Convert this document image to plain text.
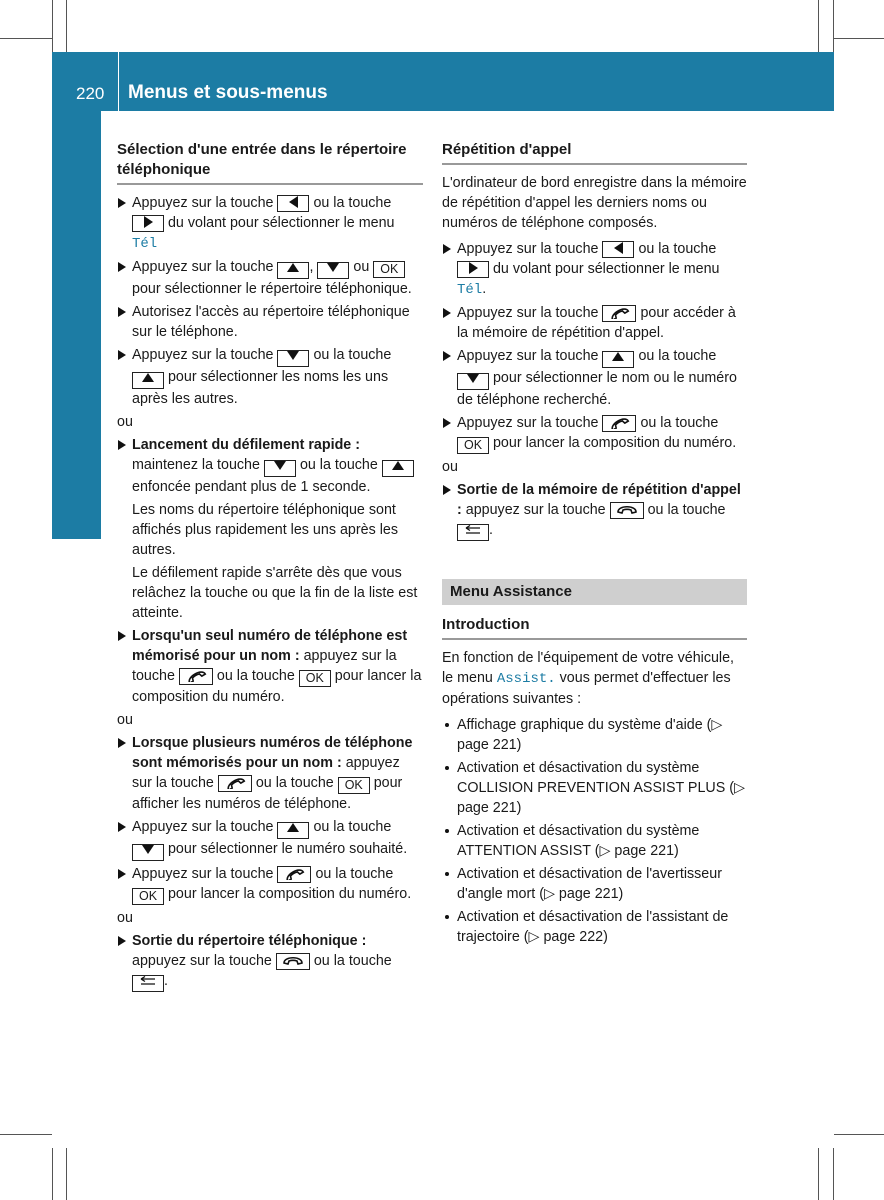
220 Menus et sous-menus
Ordinateur de bord et affichages
Sélection d'une entrée dans le répertoire téléphonique
Appuyez sur la touche	ou la touche  du volant pour sélectionner le menu Tél
Appuyez sur la touche	,	ou OK pour sélectionner le répertoire téléphonique.
Autorisez l'accès au répertoire téléphonique sur le téléphone.
Appuyez sur la touche	ou la touche  pour sélectionner les noms les uns après les autres.
ou
Lancement du défilement rapide : maintenez la touche	ou la touche  enfoncée pendant plus de 1 seconde.
Les noms du répertoire téléphonique sont affichés plus rapidement les uns après les autres.
Le défilement rapide s'arrête dès que vous relâchez la touche ou que la fin de la liste est atteinte.
Lorsqu'un seul numéro de téléphone est mémorisé pour un nom : appuyez sur la touche	ou la touche OK pour lancer la composition du numéro.
ou
Lorsque plusieurs numéros de téléphone sont mémorisés pour un nom : appuyez sur la touche	ou la touche OK pour afficher les numéros de téléphone.
Appuyez sur la touche	ou la touche  pour sélectionner le numéro souhaité.
Appuyez sur la touche	ou la touche OK pour lancer la composition du numéro.
ou
Sortie du répertoire téléphonique : appuyez sur la touche	ou la touche .
Répétition d'appel
L'ordinateur de bord enregistre dans la mémoire de répétition d'appel les derniers noms ou numéros de téléphone composés.
Appuyez sur la touche	ou la touche  du volant pour sélectionner le menu Tél.
Appuyez sur la touche	pour accéder à la mémoire de répétition d'appel.
Appuyez sur la touche	ou la touche  pour sélectionner le nom ou le numéro de téléphone recherché.
Appuyez sur la touche	ou la touche OK pour lancer la composition du numéro.
ou
Sortie de la mémoire de répétition d'appel : appuyez sur la touche	ou la touche .
Menu Assistance
Introduction
En fonction de l'équipement de votre véhicule, le menu Assist. vous permet d'effectuer les opérations suivantes :
Affichage graphique du système d'aide (▷ page 221)
Activation et désactivation du système COLLISION PREVENTION ASSIST PLUS (▷ page 221)
Activation et désactivation du système ATTENTION ASSIST (▷ page 221)
Activation et désactivation de l'avertisseur d'angle mort (▷ page 221)
Activation et désactivation de l'assistant de trajectoire (▷ page 222)
